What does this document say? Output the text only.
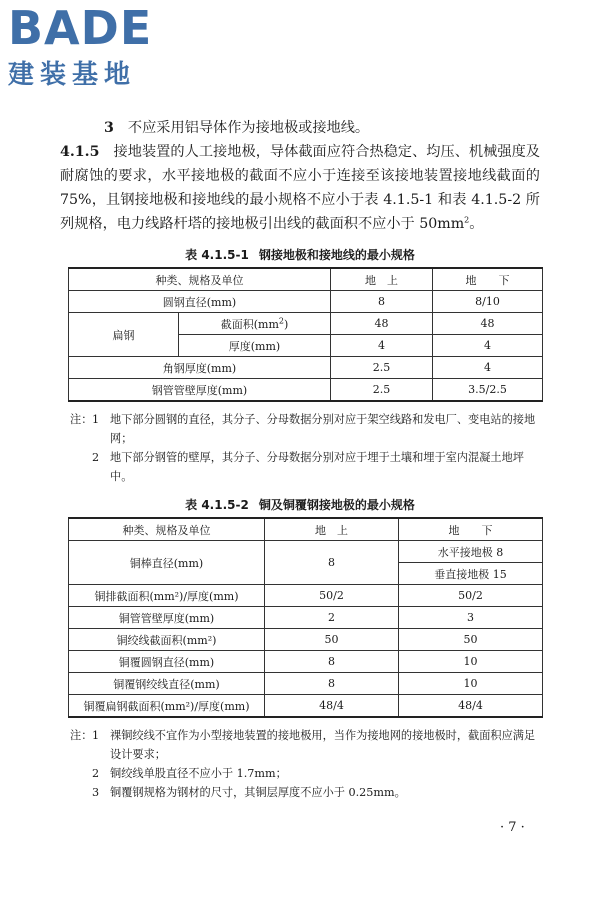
BADE
建装基地

3 不应采用铝导体作为接地极或接地线。

4.1.5 接地装置的人工接地极，导体截面应符合热稳定、均压、机械强度及耐腐蚀的要求，水平接地极的截面不应小于连接至该接地装置接地线截面的 75%，且钢接地极和接地线的最小规格不应小于表 4.1.5-1 和表 4.1.5-2 所列规格，电力线路杆塔的接地极引出线的截面积不应小于 $50mm^2$。

表 4.1.5-1 钢接地极和接地线的最小规格
种类、规格及单位		地　上	地　　下
圆钢直径(mm)		8	8/10
扁钢	截面积$(mm^2)$	48	48
	厚度(mm)	4	4
角钢厚度(mm)		2.5	4
钢管管壁厚度(mm)		2.5	3.5/2.5
注： 1 地下部分圆钢的直径，其分子、分母数据分别对应于架空线路和发电厂、变电站的接地网；
2 地下部分钢管的壁厚，其分子、分母数据分别对应于埋于土壤和埋于室内混凝土地坪中。
表 4.1.5-2 铜及铜覆钢接地极的最小规格
种类、规格及单位	地　上	地　　下
铜棒直径(mm)	8	水平接地极 8
		垂直接地极 15
铜排截面积(mm²)/厚度(mm)	50/2	50/2
铜管管壁厚度(mm)	2	3
铜绞线截面积(mm²)	50	50
铜覆圆钢直径(mm)	8	10
铜覆钢绞线直径(mm)	8	10
铜覆扁钢截面积(mm²)/厚度(mm)	48/4	48/4
注： 1 裸铜绞线不宜作为小型接地装置的接地极用，当作为接地网的接地极时，截面积应满足设计要求；
2 铜绞线单股直径不应小于 1.7mm；
3 铜覆钢规格为钢材的尺寸，其铜层厚度不应小于 0.25mm。
· 7 ·
